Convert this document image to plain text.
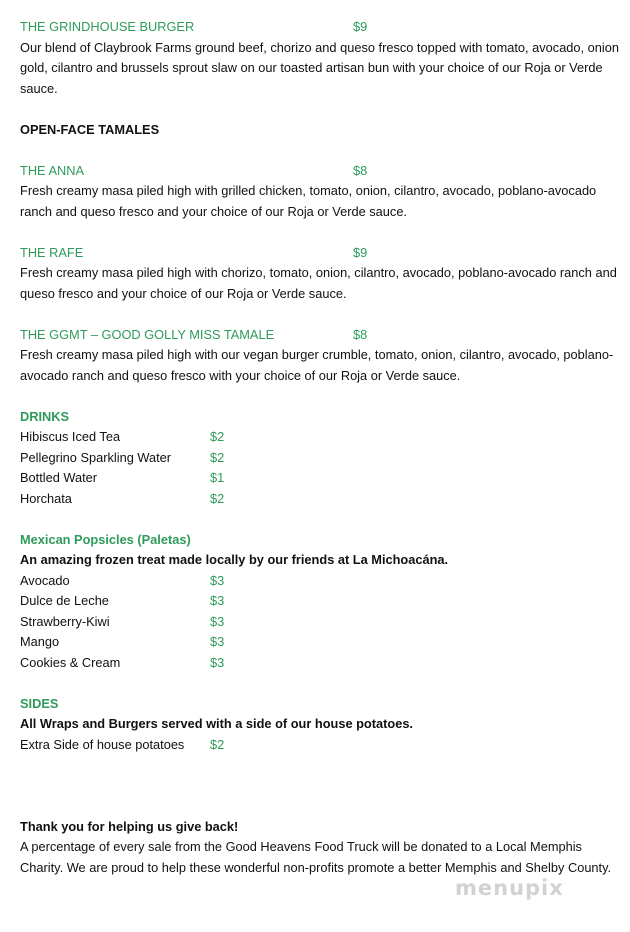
THE GRINDHOUSE BURGER	$9
Our blend of Claybrook Farms ground beef, chorizo and queso fresco topped with tomato, avocado, onion gold, cilantro and brussels sprout slaw on our toasted artisan bun with your choice of our Roja or Verde sauce.
OPEN-FACE TAMALES
THE ANNA	$8
Fresh creamy masa piled high with grilled chicken, tomato, onion, cilantro, avocado, poblano-avocado ranch and queso fresco and your choice of our Roja or Verde sauce.
THE RAFE	$9
Fresh creamy masa piled high with chorizo, tomato, onion, cilantro, avocado, poblano-avocado ranch and queso fresco and your choice of our Roja or Verde sauce.
THE GGMT – GOOD GOLLY MISS TAMALE	$8
Fresh creamy masa piled high with our vegan burger crumble, tomato, onion, cilantro, avocado, poblano-avocado ranch and queso fresco with your choice of our Roja or Verde sauce.
DRINKS
Hibiscus Iced Tea	$2
Pellegrino Sparkling Water	$2
Bottled Water	$1
Horchata	$2
Mexican Popsicles (Paletas)
An amazing frozen treat made locally by our friends at La Michoacána.
Avocado	$3
Dulce de Leche	$3
Strawberry-Kiwi	$3
Mango	$3
Cookies & Cream	$3
SIDES
All Wraps and Burgers served with a side of our house potatoes.
Extra Side of house potatoes $2
Thank you for helping us give back!
A percentage of every sale from the Good Heavens Food Truck will be donated to a Local Memphis Charity. We are proud to help these wonderful non-profits promote a better Memphis and Shelby County.
menupix
